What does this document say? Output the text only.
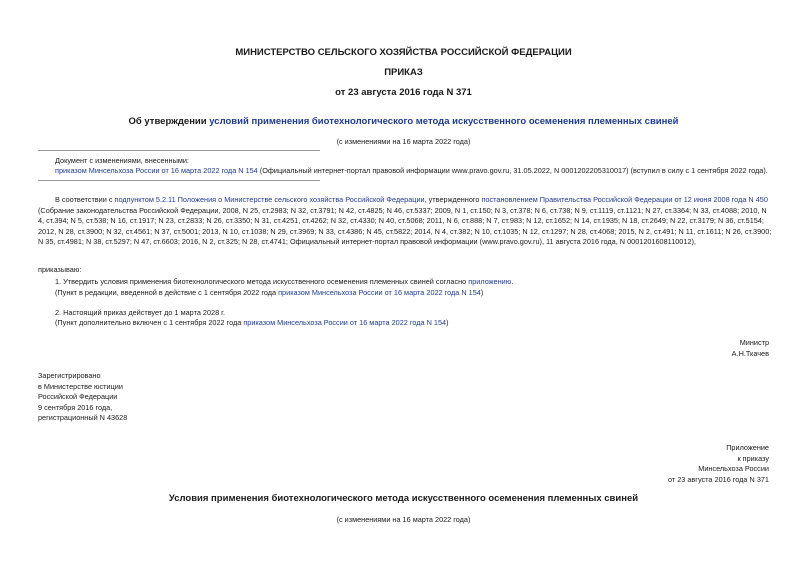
МИНИСТЕРСТВО СЕЛЬСКОГО ХОЗЯЙСТВА РОССИЙСКОЙ ФЕДЕРАЦИИ
ПРИКАЗ
от 23 августа 2016 года N 371
Об утверждении условий применения биотехнологического метода искусственного осеменения племенных свиней
(с изменениями на 16 марта 2022 года)
Документ с изменениями, внесенными:
приказом Минсельхоза России от 16 марта 2022 года N 154 (Официальный интернет-портал правовой информации www.pravo.gov.ru, 31.05.2022, N 0001202205310017) (вступил в силу с 1 сентября 2022 года).
В соответствии с подпунктом 5.2.11 Положения о Министерстве сельского хозяйства Российской Федерации, утвержденного постановлением Правительства Российской Федерации от 12 июня 2008 года N 450 (Собрание законодательства Российской Федерации, 2008, N 25, ст.2983; N 32, ст.3791; N 42, ст.4825; N 46, ст.5337; 2009, N 1, ст.150; N 3, ст.378; N 6, ст.738; N 9, ст.1119, ст.1121; N 27, ст.3364; N 33, ст.4088; 2010, N 4, ст.394; N 5, ст.538; N 16, ст.1917; N 23, ст.2833; N 26, ст.3350; N 31, ст.4251, ст.4262; N 32, ст.4330; N 40, ст.5068; 2011, N 6, ст.888; N 7, ст.983; N 12, ст.1652; N 14, ст.1935; N 18, ст.2649; N 22, ст.3179; N 36, ст.5154; 2012, N 28, ст.3900; N 32, ст.4561; N 37, ст.5001; 2013, N 10, ст.1038; N 29, ст.3969; N 33, ст.4386; N 45, ст.5822; 2014, N 4, ст.382; N 10, ст.1035; N 12, ст.1297; N 28, ст.4068; 2015, N 2, ст.491; N 11, ст.1611; N 26, ст.3900; N 35, ст.4981; N 38, ст.5297; N 47, ст.6603; 2016, N 2, ст.325; N 28, ст.4741; Официальный интернет-портал правовой информации (www.pravo.gov.ru), 11 августа 2016 года, N 0001201608110012),
приказываю:
1. Утвердить условия применения биотехнологического метода искусственного осеменения племенных свиней согласно приложению.
(Пункт в редакции, введенной в действие с 1 сентября 2022 года приказом Минсельхоза России от 16 марта 2022 года N 154)
2. Настоящий приказ действует до 1 марта 2028 г.
(Пункт дополнительно включен с 1 сентября 2022 года приказом Минсельхоза России от 16 марта 2022 года N 154)
Министр
А.Н.Ткачев
Зарегистрировано
в Министерстве юстиции
Российской Федерации
9 сентября 2016 года,
регистрационный N 43628
Приложение
к приказу
Минсельхоза России
от 23 августа 2016 года N 371
Условия применения биотехнологического метода искусственного осеменения племенных свиней
(с изменениями на 16 марта 2022 года)
